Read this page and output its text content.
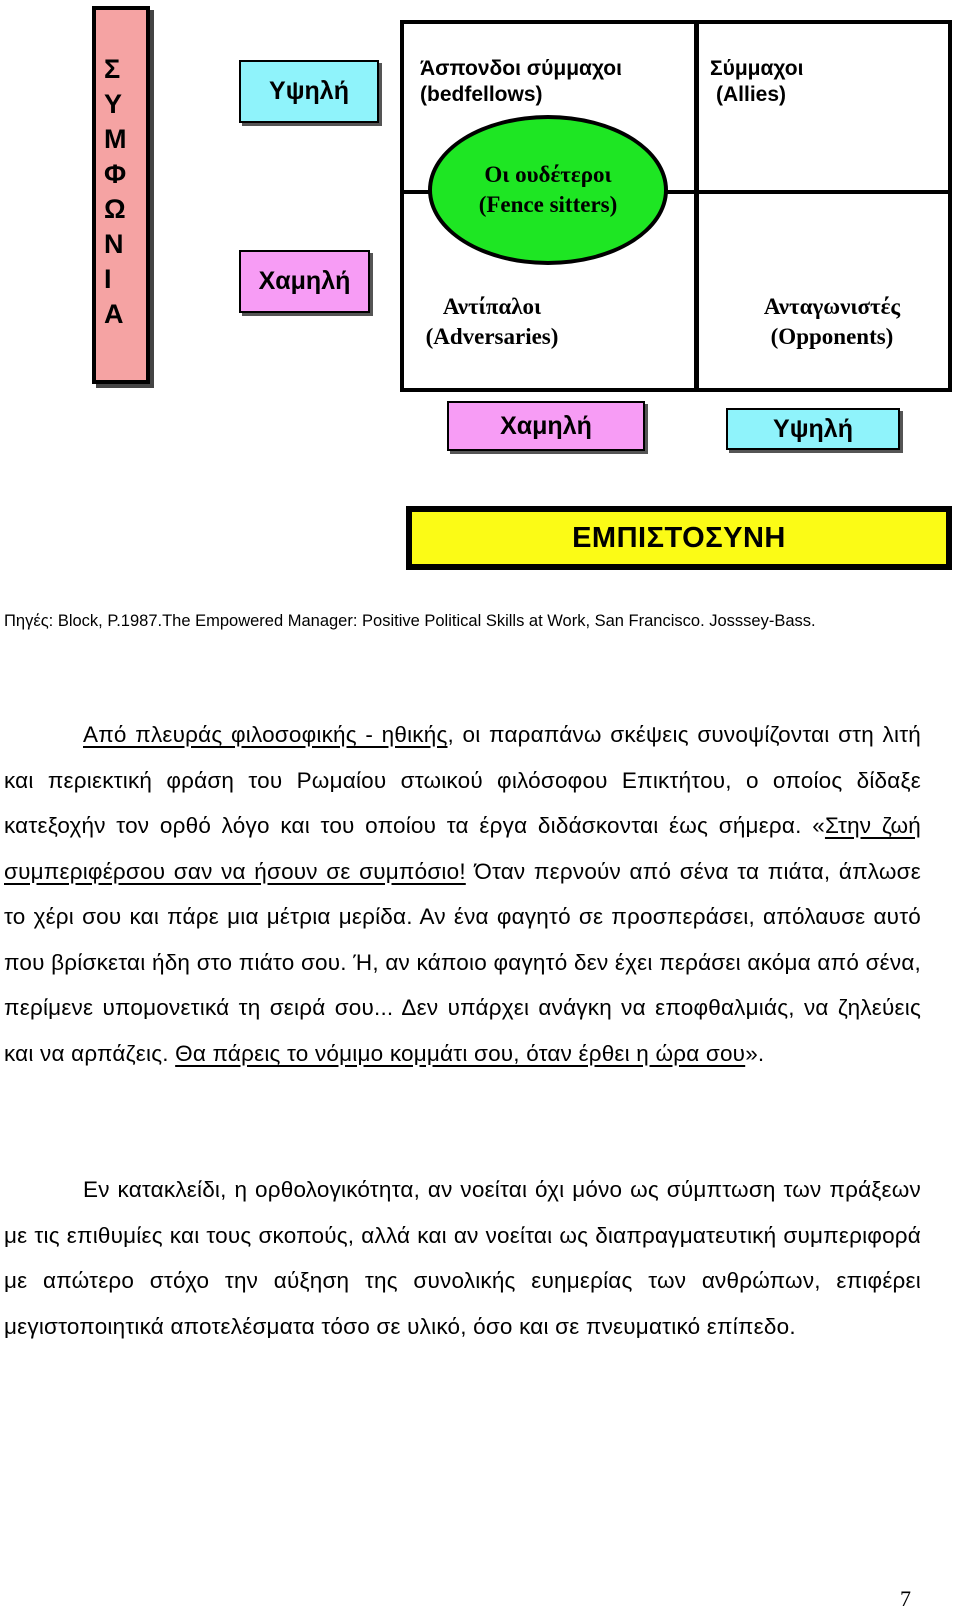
Σ
Υ
Μ
Φ
Ω
Ν
Ι
Α
Υψηλή
Χαμηλή
Άσπονδοι σύμμαχοι
(bedfellows)
Σύμμαχοι
(Allies)
Οι ουδέτεροι
(Fence sitters)
Αντίπαλοι
(Adversaries)
Ανταγωνιστές
(Opponents)
Χαμηλή	Υψηλή
ΕΜΠΙΣΤΟΣΥΝΗ
Πηγές: Block, P.1987.The Empowered Manager: Positive Political Skills at Work, San Francisco. Josssey-Bass.
Από πλευράς φιλοσοφικής - ηθικής, οι παραπάνω σκέψεις συνοψίζονται στη λιτή και περιεκτική φράση του Ρωμαίου στωικού φιλόσοφου Επικτήτου, ο οποίος δίδαξε κατεξοχήν τον ορθό λόγο και του οποίου τα έργα διδάσκονται έως σήμερα. «Στην ζωή συμπεριφέρσου σαν να ήσουν σε συμπόσιο! Όταν περνούν από σένα τα πιάτα, άπλωσε το χέρι σου και πάρε μια μέτρια μερίδα. Αν ένα φαγητό σε προσπεράσει, απόλαυσε αυτό που βρίσκεται ήδη στο πιάτο σου. Ή, αν κάποιο φαγητό δεν έχει περάσει ακόμα από σένα, περίμενε υπομονετικά τη σειρά σου... Δεν υπάρχει ανάγκη να εποφθαλμιάς, να ζηλεύεις και να αρπάζεις. Θα πάρεις το νόμιμο κομμάτι σου, όταν έρθει η ώρα σου».
Εν κατακλείδι, η ορθολογικότητα, αν νοείται όχι μόνο ως σύμπτωση των πράξεων με τις επιθυμίες και τους σκοπούς, αλλά και αν νοείται ως διαπραγματευτική συμπεριφορά με απώτερο στόχο την αύξηση της συνολικής ευημερίας των ανθρώπων, επιφέρει μεγιστοποιητικά αποτελέσματα τόσο σε υλικό, όσο και σε πνευματικό επίπεδο.
7
